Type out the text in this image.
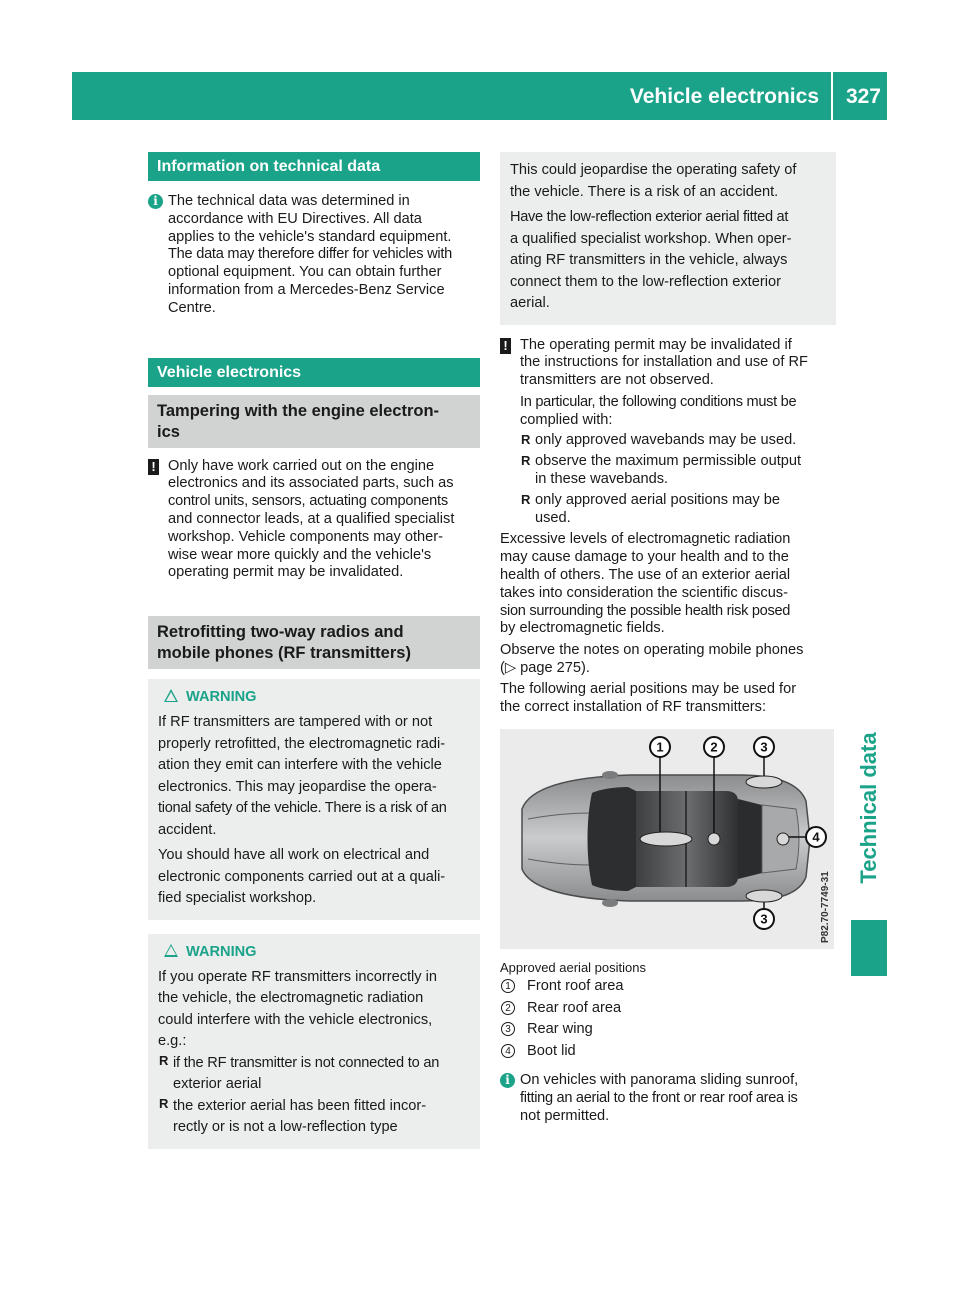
Vehicle electronics 327
Technical data
Information on technical data
i The technical data was determined in

accordance with EU Directives. All data

applies to the vehicle's standard equipment.

The data may therefore differ for vehicles with

optional equipment. You can obtain further

information from a Mercedes-Benz Service

Centre.

Vehicle electronics
Tampering with the engine electron-
ics
! Only have work carried out on the engine

electronics and its associated parts, such as

control units, sensors, actuating components

and connector leads, at a qualified specialist

workshop. Vehicle components may other-

wise wear more quickly and the vehicle's

operating permit may be invalidated.

Retrofitting two-way radios and
mobile phones (RF transmitters)
WARNING

If RF transmitters are tampered with or not

properly retrofitted, the electromagnetic radi-

ation they emit can interfere with the vehicle

electronics. This may jeopardise the opera-

tional safety of the vehicle. There is a risk of an

accident.

You should have all work on electrical and

electronic components carried out at a quali-

fied specialist workshop.

WARNING

If you operate RF transmitters incorrectly in

the vehicle, the electromagnetic radiation

could interfere with the vehicle electronics,

e.g.:

R if the RF transmitter is not connected to an

exterior aerial

R the exterior aerial has been fitted incor-

rectly or is not a low-reflection type

This could jeopardise the operating safety of

the vehicle. There is a risk of an accident.

Have the low-reflection exterior aerial fitted at

a qualified specialist workshop. When oper-

ating RF transmitters in the vehicle, always

connect them to the low-reflection exterior

aerial.

! The operating permit may be invalidated if

the instructions for installation and use of RF

transmitters are not observed.

In particular, the following conditions must be

complied with:

R only approved wavebands may be used.

R observe the maximum permissible output

in these wavebands.

R only approved aerial positions may be

used.

Excessive levels of electromagnetic radiation

may cause damage to your health and to the

health of others. The use of an exterior aerial

takes into consideration the scientific discus-

sion surrounding the possible health risk posed

by electromagnetic fields.

Observe the notes on operating mobile phones

(▷ page 275).

The following aerial positions may be used for

the correct installation of RF transmitters:

1	2	3
4
3	P82.70-7749-31

Approved aerial positions

1 Front roof area
2 Rear roof area
3 Rear wing
4 Boot lid
i On vehicles with panorama sliding sunroof,

fitting an aerial to the front or rear roof area is

not permitted.
